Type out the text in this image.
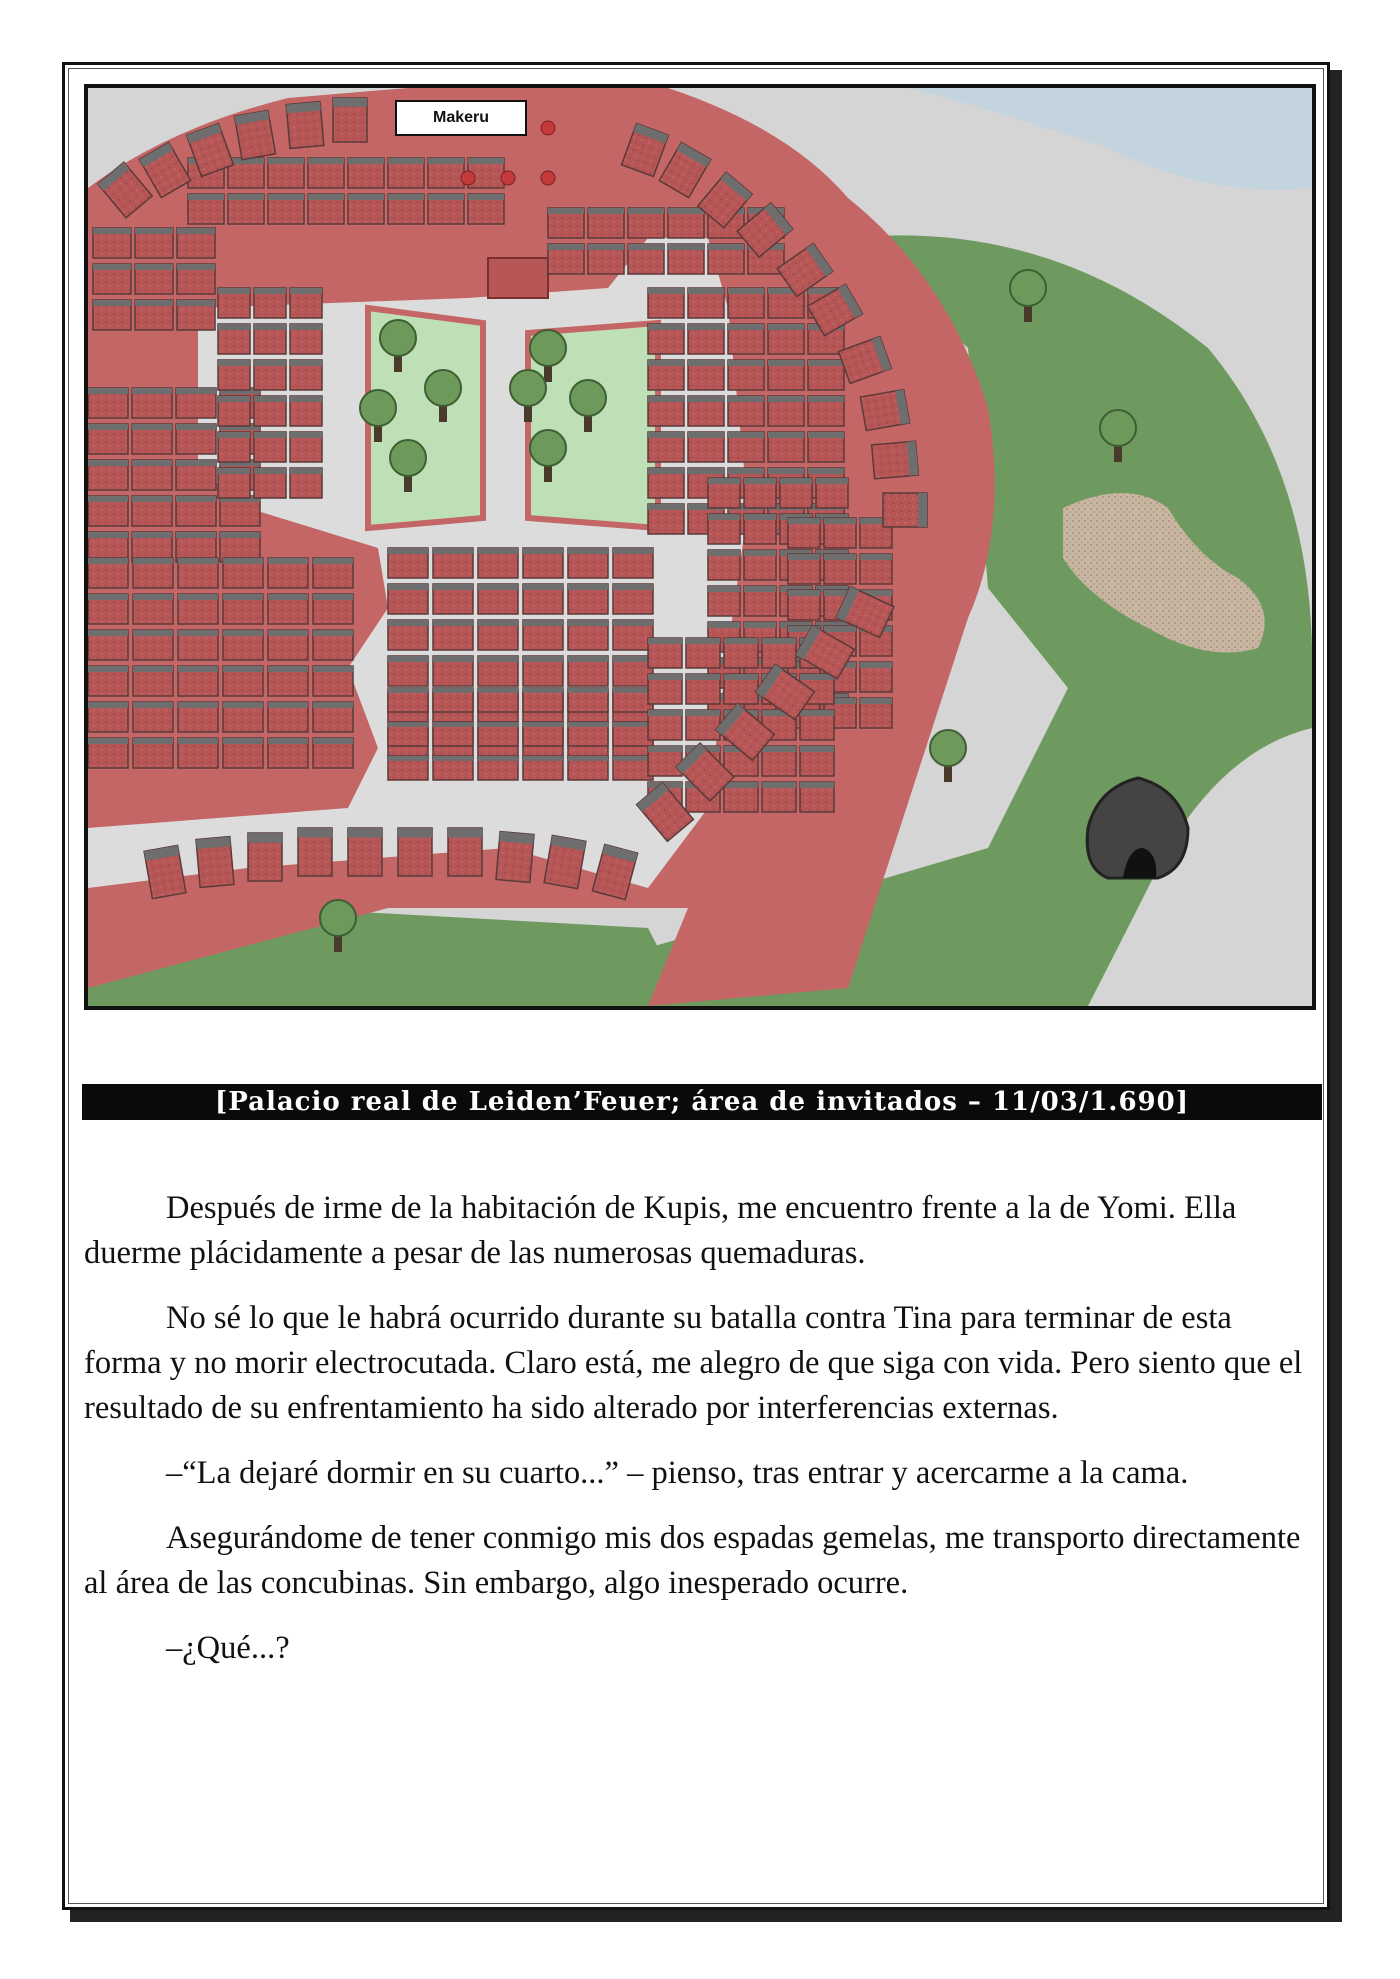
Makeru
[Palacio real de Leiden’Feuer; área de invitados – 11/03/1.690]

Después de irme de la habitación de Kupis, me encuentro frente a la de Yomi. Ella duerme plácidamente a pesar de las numerosas quemaduras.

No sé lo que le habrá ocurrido durante su batalla contra Tina para terminar de esta forma y no morir electrocutada. Claro está, me alegro de que siga con vida. Pero siento que el resultado de su enfrentamiento ha sido alterado por interferencias externas.

–“La dejaré dormir en su cuarto...” – pienso, tras entrar y acercarme a la cama.

Asegurándome de tener conmigo mis dos espadas gemelas, me transporto directamente al área de las concubinas. Sin embargo, algo inesperado ocurre.

–¿Qué...?
